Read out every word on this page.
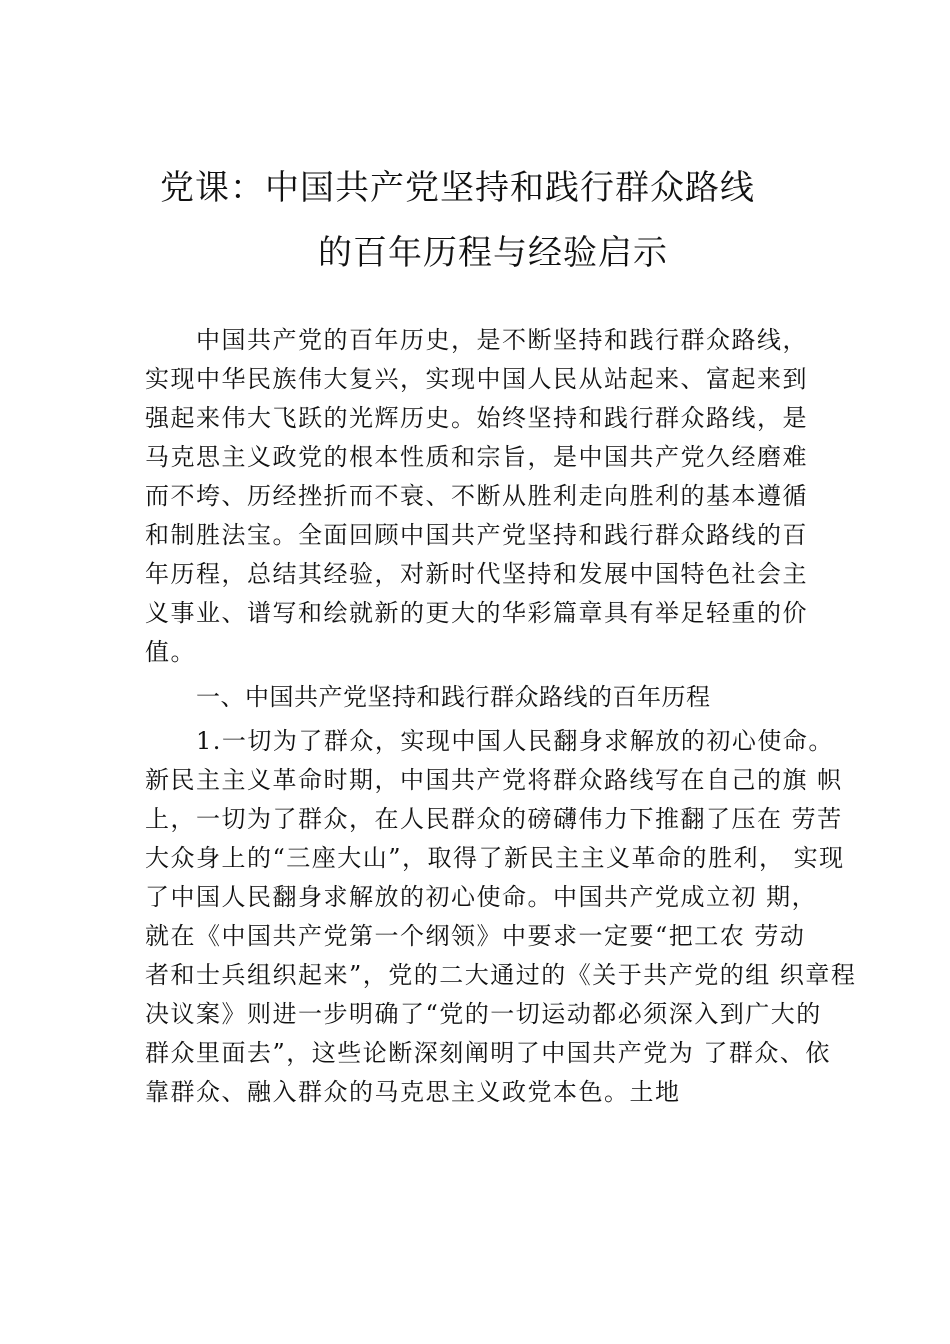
党课：中国共产党坚持和践行群众路线
的百年历程与经验启示
中国共产党的百年历史，是不断坚持和践行群众路线，
实现中华民族伟大复兴，实现中国人民从站起来、富起来到
强起来伟大飞跃的光辉历史。始终坚持和践行群众路线，是
马克思主义政党的根本性质和宗旨，是中国共产党久经磨难
而不垮、历经挫折而不衰、不断从胜利走向胜利的基本遵循
和制胜法宝。全面回顾中国共产党坚持和践行群众路线的百
年历程，总结其经验，对新时代坚持和发展中国特色社会主
义事业、谱写和绘就新的更大的华彩篇章具有举足轻重的价
值。
一、中国共产党坚持和践行群众路线的百年历程
1.一切为了群众，实现中国人民翻身求解放的初心使命。
新民主主义革命时期，中国共产党将群众路线写在自己的旗 帜
上，一切为了群众，在人民群众的磅礴伟力下推翻了压在 劳苦
大众身上的“三座大山”，取得了新民主主义革命的胜利， 实现
了中国人民翻身求解放的初心使命。中国共产党成立初 期，
就在《中国共产党第一个纲领》中要求一定要“把工农 劳动
者和士兵组织起来”，党的二大通过的《关于共产党的组 织章程
决议案》则进一步明确了“党的一切运动都必须深入到广大的
群众里面去”，这些论断深刻阐明了中国共产党为 了群众、依
靠群众、融入群众的马克思主义政党本色。土地
